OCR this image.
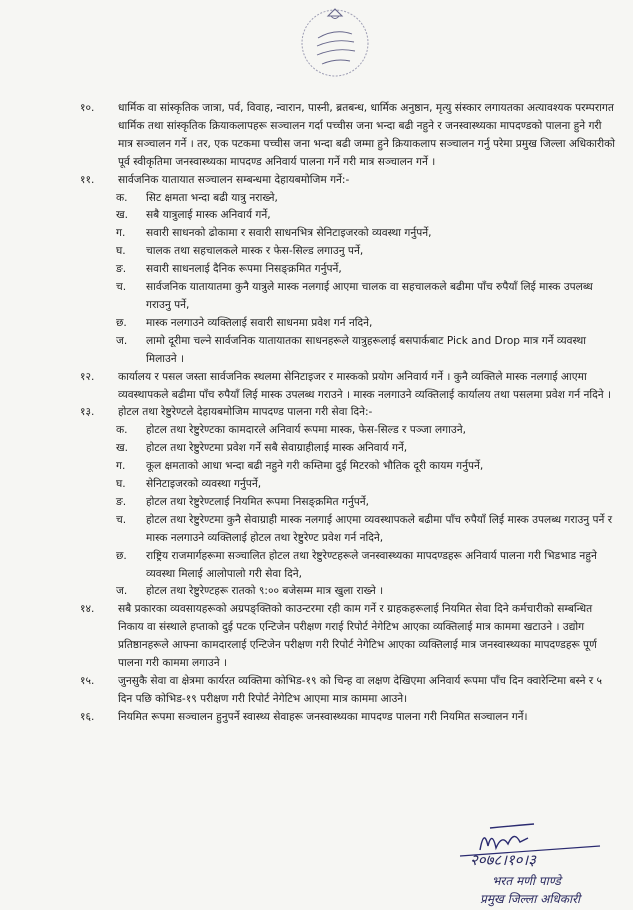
१०.	धार्मिक वा सांस्कृतिक जात्रा, पर्व, विवाह, न्वारान, पास्नी, ब्रतबन्ध, धार्मिक अनुष्ठान, मृत्यु संस्कार लगायतका अत्यावश्यक परम्परागत धार्मिक तथा सांस्कृतिक क्रियाकलापहरू सञ्चालन गर्दा पच्चीस जना भन्दा बढी नहुने र जनस्वास्थ्यका मापदण्डको पालना हुने गरी मात्र सञ्चालन गर्ने । तर, एक पटकमा पच्चीस जना भन्दा बढी जम्मा हुने क्रियाकलाप सञ्चालन गर्नु परेमा प्रमुख जिल्ला अधिकारीको पूर्व स्वीकृतिमा जनस्वास्थ्यका मापदण्ड अनिवार्य पालना गर्ने गरी मात्र सञ्चालन गर्ने ।

११.	सार्वजनिक यातायात सञ्चालन सम्बन्धमा देहायबमोजिम गर्ने:-

क.	सिट क्षमता भन्दा बढी यात्रु नराख्ने,

ख.	सबै यात्रुलाई मास्क अनिवार्य गर्ने,

ग.	सवारी साधनको ढोकामा र सवारी साधनभित्र सेनिटाइजरको व्यवस्था गर्नुपर्ने,

घ.	चालक तथा सहचालकले मास्क र फेस-सिल्ड लगाउनु पर्ने,

ङ.	सवारी साधनलाई दैनिक रूपमा निसङ्क्रमित गर्नुपर्ने,

च.	सार्वजनिक यातायातमा कुनै यात्रुले मास्क नलगाई आएमा चालक वा सहचालकले बढीमा पाँच रुपैयाँ लिई मास्क उपलब्ध गराउनु पर्ने,

छ.	मास्क नलगाउने व्यक्तिलाई सवारी साधनमा प्रवेश गर्न नदिने,

ज.	लामो दूरीमा चल्ने सार्वजनिक यातायातका साधनहरूले यात्रुहरूलाई बसपार्कबाट Pick and Drop मात्र गर्ने व्यवस्था मिलाउने ।

१२.	कार्यालय र पसल जस्ता सार्वजनिक स्थलमा सेनिटाइजर र मास्कको प्रयोग अनिवार्य गर्ने । कुनै व्यक्तिले मास्क नलगाई आएमा व्यवस्थापकले बढीमा पाँच रुपैयाँ लिई मास्क उपलब्ध गराउने । मास्क नलगाउने व्यक्तिलाई कार्यालय तथा पसलमा प्रवेश गर्न नदिने ।

१३.	होटल तथा रेष्टुरेण्टले देहायबमोजिम मापदण्ड पालना गरी सेवा दिने:-

क.	होटल तथा रेष्टुरेण्टका कामदारले अनिवार्य रूपमा मास्क, फेस-सिल्ड र पञ्जा लगाउने,

ख.	होटल तथा रेष्टुरेण्टमा प्रवेश गर्ने सबै सेवाग्राहीलाई मास्क अनिवार्य गर्ने,

ग.	कूल क्षमताको आधा भन्दा बढी नहुने गरी कम्तिमा दुई मिटरको भौतिक दूरी कायम गर्नुपर्ने,

घ.	सेनिटाइजरको व्यवस्था गर्नुपर्ने,

ङ.	होटल तथा रेष्टुरेण्टलाई नियमित रूपमा निसङ्क्रमित गर्नुपर्ने,

च.	होटल तथा रेष्टुरेण्टमा कुनै सेवाग्राही मास्क नलगाई आएमा व्यवस्थापकले बढीमा पाँच रुपैयाँ लिई मास्क उपलब्ध गराउनु पर्ने र मास्क नलगाउने व्यक्तिलाई होटल तथा रेष्टुरेण्ट प्रवेश गर्न नदिने,

छ.	राष्ट्रिय राजमार्गहरूमा सञ्चालित होटल तथा रेष्टुरेण्टहरूले जनस्वास्थ्यका मापदण्डहरू अनिवार्य पालना गरी भिडभाड नहुने व्यवस्था मिलाई आलोपालो गरी सेवा दिने,

ज.	होटल तथा रेष्टुरेण्टहरू रातको ९:०० बजेसम्म मात्र खुला राख्ने ।

१४.	सबै प्रकारका व्यवसायहरूको अग्रपङ्क्तिको काउन्टरमा रही काम गर्ने र ग्राहकहरूलाई नियमित सेवा दिने कर्मचारीको सम्बन्धित निकाय वा संस्थाले हप्ताको दुई पटक एन्टिजेन परीक्षण गराई रिपोर्ट नेगेटिभ आएका व्यक्तिलाई मात्र काममा खटाउने । उद्योग प्रतिष्ठानहरूले आफ्ना कामदारलाई एन्टिजेन परीक्षण गरी रिपोर्ट नेगेटिभ आएका व्यक्तिलाई मात्र जनस्वास्थ्यका मापदण्डहरू पूर्ण पालना गरी काममा लगाउने ।

१५.	जुनसुकै सेवा वा क्षेत्रमा कार्यरत व्यक्तिमा कोभिड-१९ को चिन्ह वा लक्षण देखिएमा अनिवार्य रूपमा पाँच दिन क्वारेन्टिमा बस्ने र ५ दिन पछि कोभिड-१९ परीक्षण गरी रिपोर्ट नेगेटिभ आएमा मात्र काममा आउने।

१६.	नियमित रूपमा सञ्चालन हुनुपर्ने स्वास्थ्य सेवाहरू जनस्वास्थ्यका मापदण्ड पालना गरी नियमित सञ्चालन गर्ने।

२०७८।१०।३
भरत मणी पाण्डे
प्रमुख जिल्ला अधिकारी
